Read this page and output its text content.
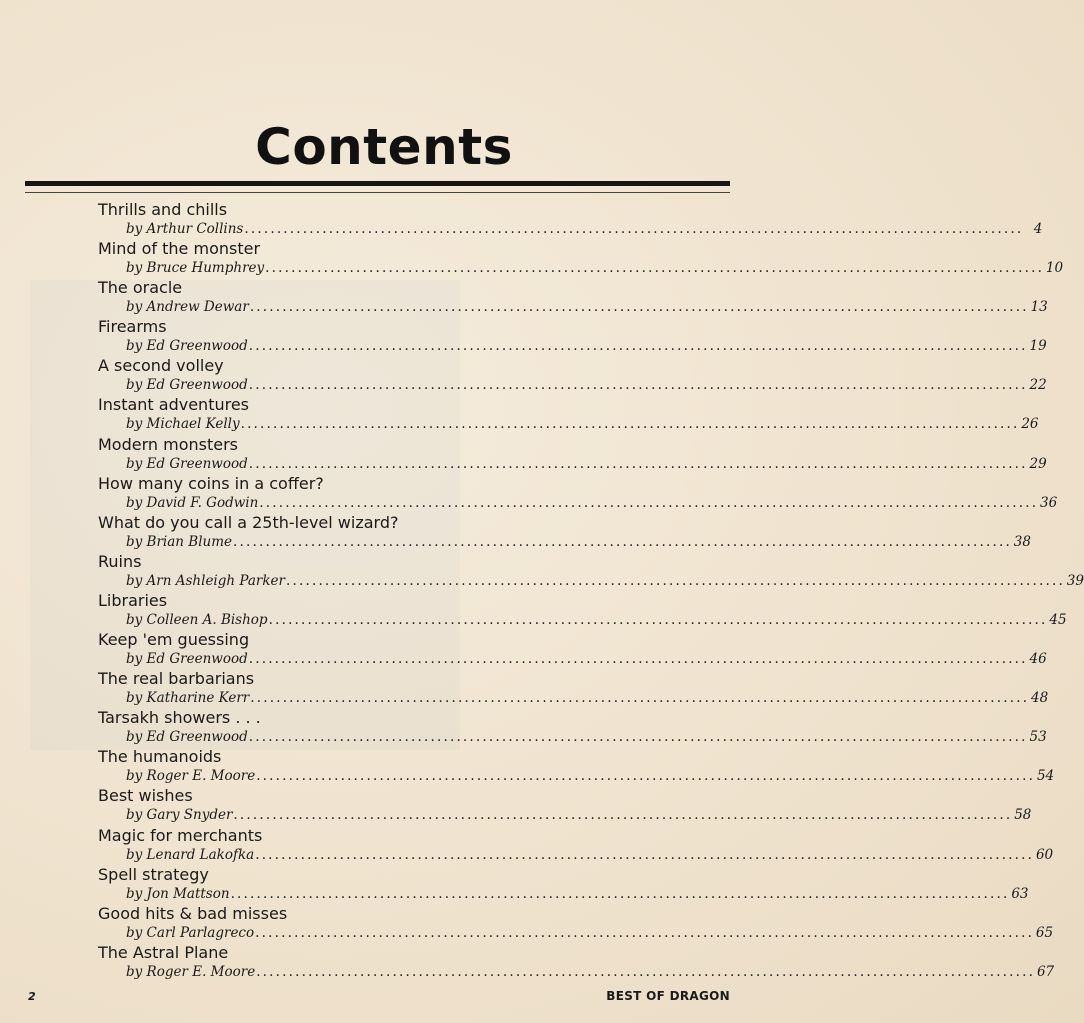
Contents
Thrills and chills
by Arthur Collins ........................................................................................................................ 4
Mind of the monster
by Bruce Humphrey ........................................................................................................................ 10
The oracle
by Andrew Dewar ........................................................................................................................ 13
Firearms
by Ed Greenwood ........................................................................................................................ 19
A second volley
by Ed Greenwood ........................................................................................................................ 22
Instant adventures
by Michael Kelly ........................................................................................................................ 26
Modern monsters
by Ed Greenwood ........................................................................................................................ 29
How many coins in a coffer?
by David F. Godwin ........................................................................................................................ 36
What do you call a 25th-level wizard?
by Brian Blume ........................................................................................................................ 38
Ruins
by Arn Ashleigh Parker ........................................................................................................................ 39
Libraries
by Colleen A. Bishop ........................................................................................................................ 45
Keep 'em guessing
by Ed Greenwood ........................................................................................................................ 46
The real barbarians
by Katharine Kerr ........................................................................................................................ 48
Tarsakh showers . . .
by Ed Greenwood ........................................................................................................................ 53
The humanoids
by Roger E. Moore ........................................................................................................................ 54
Best wishes
by Gary Snyder ........................................................................................................................ 58
Magic for merchants
by Lenard Lakofka ........................................................................................................................ 60
Spell strategy
by Jon Mattson ........................................................................................................................ 63
Good hits & bad misses
by Carl Parlagreco ........................................................................................................................ 65
The Astral Plane
by Roger E. Moore ........................................................................................................................ 67
2	BEST OF DRAGON
